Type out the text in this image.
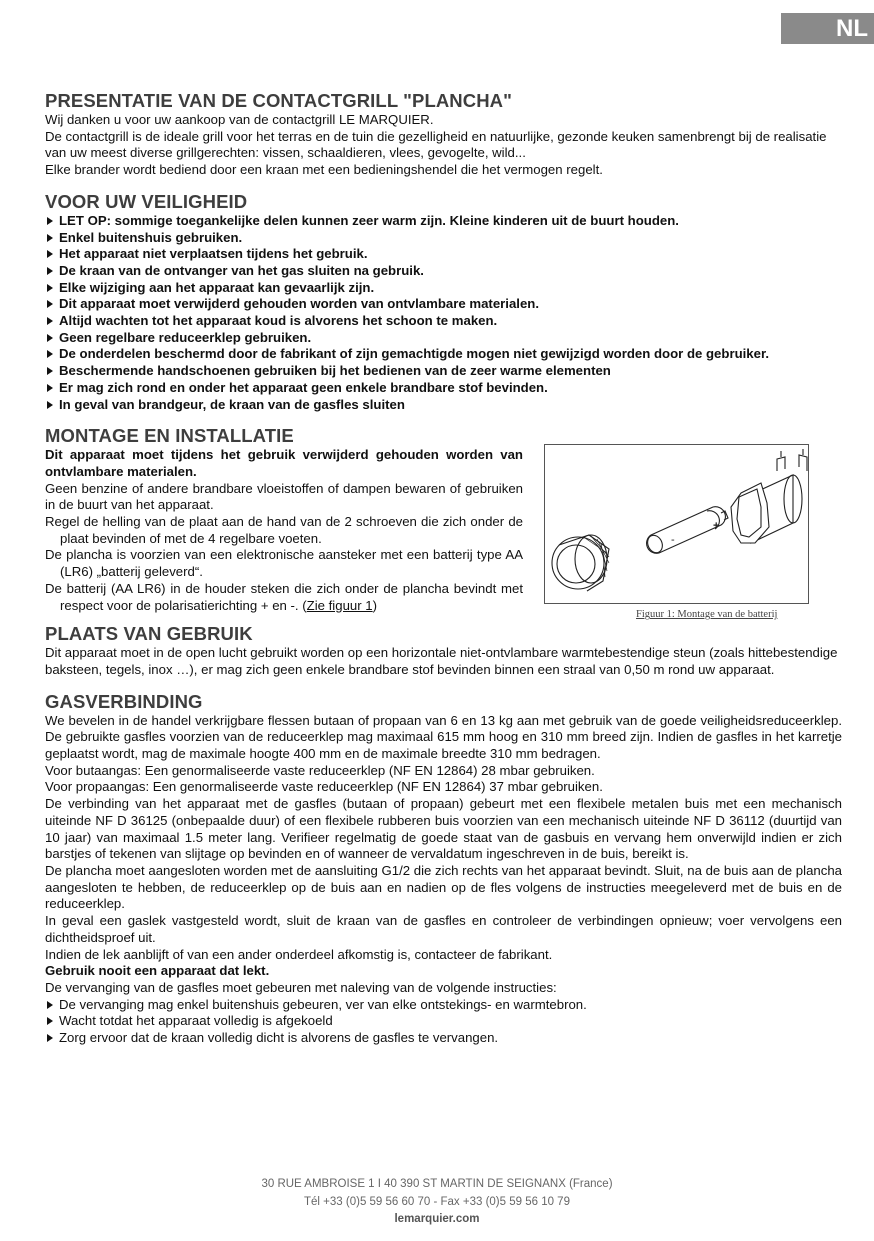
NL
PRESENTATIE VAN DE CONTACTGRILL "PLANCHA"

Wij danken u voor uw aankoop van de contactgrill LE MARQUIER.

De contactgrill is de ideale grill voor het terras en de tuin die gezelligheid en natuurlijke, gezonde keuken samenbrengt bij de realisatie van uw meest diverse grillgerechten: vissen, schaaldieren, vlees, gevogelte, wild...

Elke brander wordt bediend door een kraan met een bedieningshendel die het vermogen regelt.

VOOR UW VEILIGHEID
LET OP: sommige toegankelijke delen kunnen zeer warm zijn. Kleine kinderen uit de buurt houden.
Enkel buitenshuis gebruiken.
Het apparaat niet verplaatsen tijdens het gebruik.
De kraan van de ontvanger van het gas sluiten na gebruik.
Elke wijziging aan het apparaat kan gevaarlijk zijn.
Dit apparaat moet verwijderd gehouden worden van ontvlambare materialen.
Altijd wachten tot het apparaat koud is alvorens het schoon te maken.
Geen regelbare reduceerklep gebruiken.
De onderdelen beschermd door de fabrikant of zijn gemachtigde mogen niet gewijzigd worden door de gebruiker.
Beschermende handschoenen gebruiken bij het bedienen van de zeer warme elementen
Er mag zich rond en onder het apparaat geen enkele brandbare stof bevinden.
In geval van brandgeur, de kraan van de gasfles sluiten
MONTAGE EN INSTALLATIE

Dit apparaat moet tijdens het gebruik verwijderd gehouden worden van ontvlambare materialen.

Geen benzine of andere brandbare vloeistoffen of dampen bewaren of gebruiken in de buurt van het apparaat.

Regel de helling van de plaat aan de hand van de 2 schroeven die zich onder de plaat bevinden of met de 4 regelbare voeten.

De plancha is voorzien van een elektronische aansteker met een batterij type AA (LR6) „batterij geleverd“.

De batterij (AA LR6) in de houder steken die zich onder de plancha bevindt met respect voor de polarisatierichting + en -. (Zie figuur 1)

+
-
Figuur 1: Montage van de batterij
PLAATS VAN GEBRUIK

Dit apparaat moet in de open lucht gebruikt worden op een horizontale niet-ontvlambare warmtebestendige steun (zoals hittebestendige baksteen, tegels, inox …), er mag zich geen enkele brandbare stof bevinden binnen een straal van 0,50 m rond uw apparaat.

GASVERBINDING

We bevelen in de handel verkrijgbare flessen butaan of propaan van 6 en 13 kg aan met gebruik van de goede veiligheidsreduceerklep. De gebruikte gasfles voorzien van de reduceerklep mag maximaal 615 mm hoog en 310 mm breed zijn. Indien de gasfles in het karretje geplaatst wordt, mag de maximale hoogte 400 mm en de maximale breedte 310 mm bedragen.

Voor butaangas: Een genormaliseerde vaste reduceerklep (NF EN 12864) 28 mbar gebruiken.

Voor propaangas: Een genormaliseerde vaste reduceerklep (NF EN 12864) 37 mbar gebruiken.

De verbinding van het apparaat met de gasfles (butaan of propaan) gebeurt met een flexibele metalen buis met een mechanisch uiteinde NF D 36125 (onbepaalde duur) of een flexibele rubberen buis voorzien van een mechanisch uiteinde NF D 36112 (duurtijd van 10 jaar) van maximaal 1.5 meter lang. Verifieer regelmatig de goede staat van de gasbuis en vervang hem onverwijld indien er zich barstjes of tekenen van slijtage op bevinden en of wanneer de vervaldatum ingeschreven in de buis, bereikt is.

De plancha moet aangesloten worden met de aansluiting G1/2 die zich rechts van het apparaat bevindt. Sluit, na de buis aan de plancha aangesloten te hebben, de reduceerklep op de buis aan en nadien op de fles volgens de instructies meegeleverd met de buis en de reduceerklep.

In geval een gaslek vastgesteld wordt, sluit de kraan van de gasfles en controleer de verbindingen opnieuw; voer vervolgens een dichtheidsproef uit.

Indien de lek aanblijft of van een ander onderdeel afkomstig is, contacteer de fabrikant.

Gebruik nooit een apparaat dat lekt.

De vervanging van de gasfles moet gebeuren met naleving van de volgende instructies:

De vervanging mag enkel buitenshuis gebeuren, ver van elke ontstekings- en warmtebron.
Wacht totdat het apparaat volledig is afgekoeld
Zorg ervoor dat de kraan volledig dicht is alvorens de gasfles te vervangen.
30 RUE AMBROISE 1 I 40 390 ST MARTIN DE SEIGNANX (France)
Tél +33 (0)5 59 56 60 70 - Fax +33 (0)5 59 56 10 79
lemarquier.com
